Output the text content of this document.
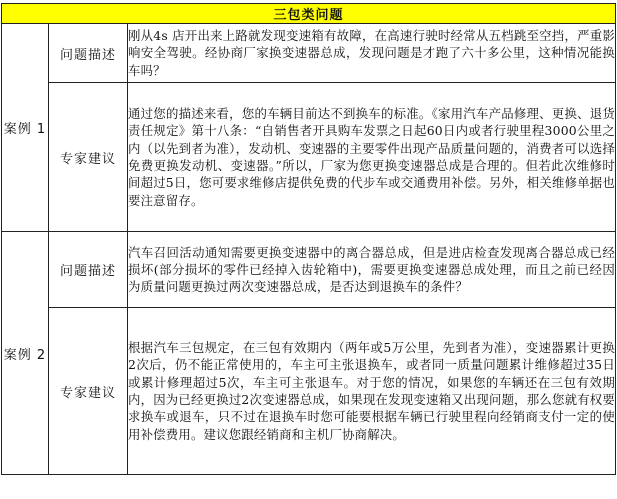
三包类问题		
案例 1	问题描述	刚从4s 店开出来上路就发现变速箱有故障，在高速行驶时经常从五档跳至空挡，严重影响安全驾驶。经协商厂家换变速器总成，发现问题是才跑了六十多公里，这种情况能换车吗？
	专家建议	通过您的描述来看，您的车辆目前达不到换车的标准。《家用汽车产品修理、更换、退货责任规定》第十八条：“自销售者开具购车发票之日起60日内或者行驶里程3000公里之内（以先到者为准），发动机、变速器的主要零件出现产品质量问题的，消费者可以选择免费更换发动机、变速器。”所以，厂家为您更换变速器总成是合理的。但若此次维修时间超过5日，您可要求维修店提供免费的代步车或交通费用补偿。另外，相关维修单据也要注意留存。
案例 2	问题描述	汽车召回活动通知需要更换变速器中的离合器总成，但是进店检查发现离合器总成已经损坏(部分损坏的零件已经掉入齿轮箱中)，需要更换变速器总成处理，而且之前已经因为质量问题更换过两次变速器总成，是否达到退换车的条件？
	专家建议	根据汽车三包规定，在三包有效期内（两年或5万公里，先到者为准），变速器累计更换2次后，仍不能正常使用的，车主可主张退换车，或者同一质量问题累计维修超过35日或累计修理超过5次，车主可主张退车。对于您的情况，如果您的车辆还在三包有效期内，因为已经更换过2次变速器总成，如果现在发现变速箱又出现问题，那么您就有权要求换车或退车，只不过在退换车时您可能要根据车辆已行驶里程向经销商支付一定的使用补偿费用。建议您跟经销商和主机厂协商解决。
